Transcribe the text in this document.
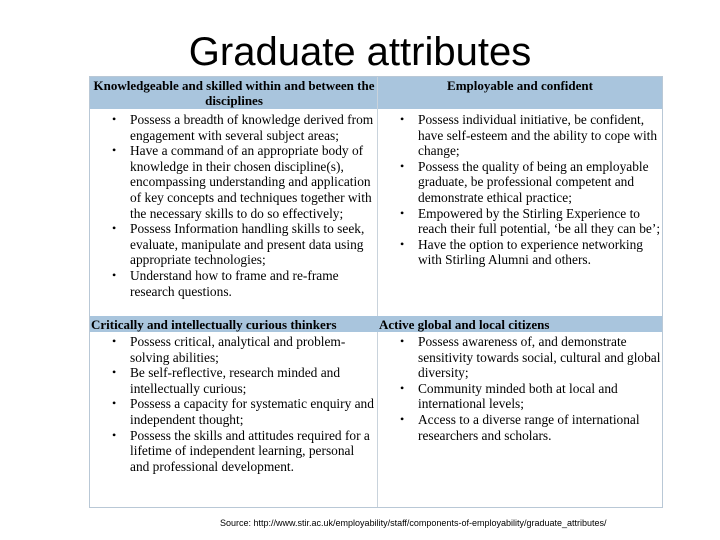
Graduate attributes
Knowledgeable and skilled within and between the disciplines
Employable and confident
• Possess a breadth of knowledge derived from engagement with several subject areas;
• Have a command of an appropriate body of knowledge in their chosen discipline(s), encompassing understanding and application of key concepts and techniques together with the necessary skills to do so effectively;
• Possess Information handling skills to seek, evaluate, manipulate and present data using appropriate technologies;
• Understand how to frame and re-frame research questions.
• Possess individual initiative, be confident, have self-esteem and the ability to cope with change;
• Possess the quality of being an employable graduate, be professional competent and demonstrate ethical practice;
• Empowered by the Stirling Experience to reach their full potential, ‘be all they can be’;
• Have the option to experience networking with Stirling Alumni and others.
Critically and intellectually curious thinkers	Active global and local citizens
• Possess critical, analytical and problem-solving abilities;
• Be self-reflective, research minded and intellectually curious;
• Possess a capacity for systematic enquiry and independent thought;
• Possess the skills and attitudes required for a lifetime of independent learning, personal and professional development.
• Possess awareness of, and demonstrate sensitivity towards social, cultural and global diversity;
• Community minded both at local and international levels;
• Access to a diverse range of international researchers and scholars.
Source: http://www.stir.ac.uk/employability/staff/components-of-employability/graduate_attributes/
